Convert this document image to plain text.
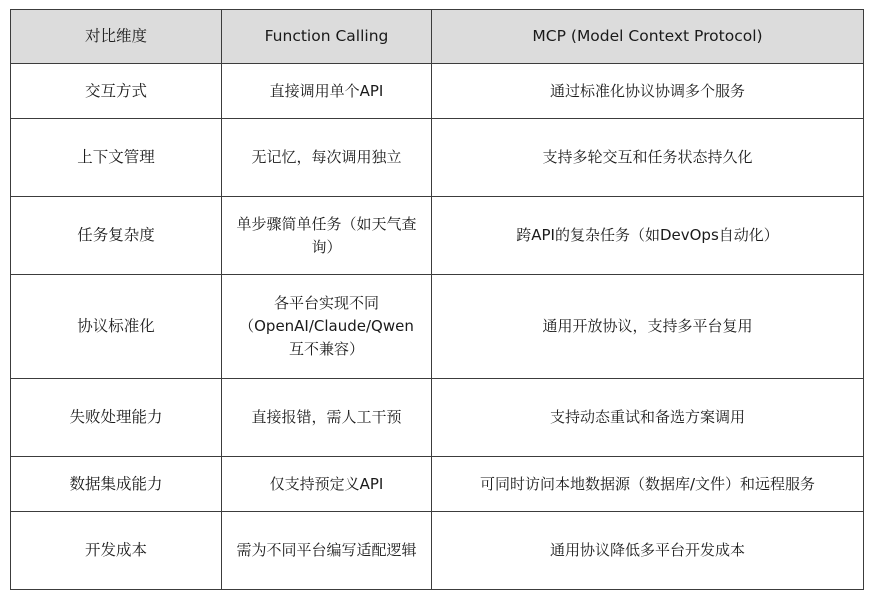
对比维度	Function Calling	MCP (Model Context Protocol)
交互方式	直接调用单个API	通过标准化协议协调多个服务
上下文管理	无记忆，每次调用独立	支持多轮交互和任务状态持久化
任务复杂度	单步骤简单任务（如天气查询）	跨API的复杂任务（如DevOps自动化）
协议标准化	各平台实现不同（OpenAI/Claude/Qwen互不兼容）	通用开放协议，支持多平台复用
失败处理能力	直接报错，需人工干预	支持动态重试和备选方案调用
数据集成能力	仅支持预定义API	可同时访问本地数据源（数据库/文件）和远程服务
开发成本	需为不同平台编写适配逻辑	通用协议降低多平台开发成本
